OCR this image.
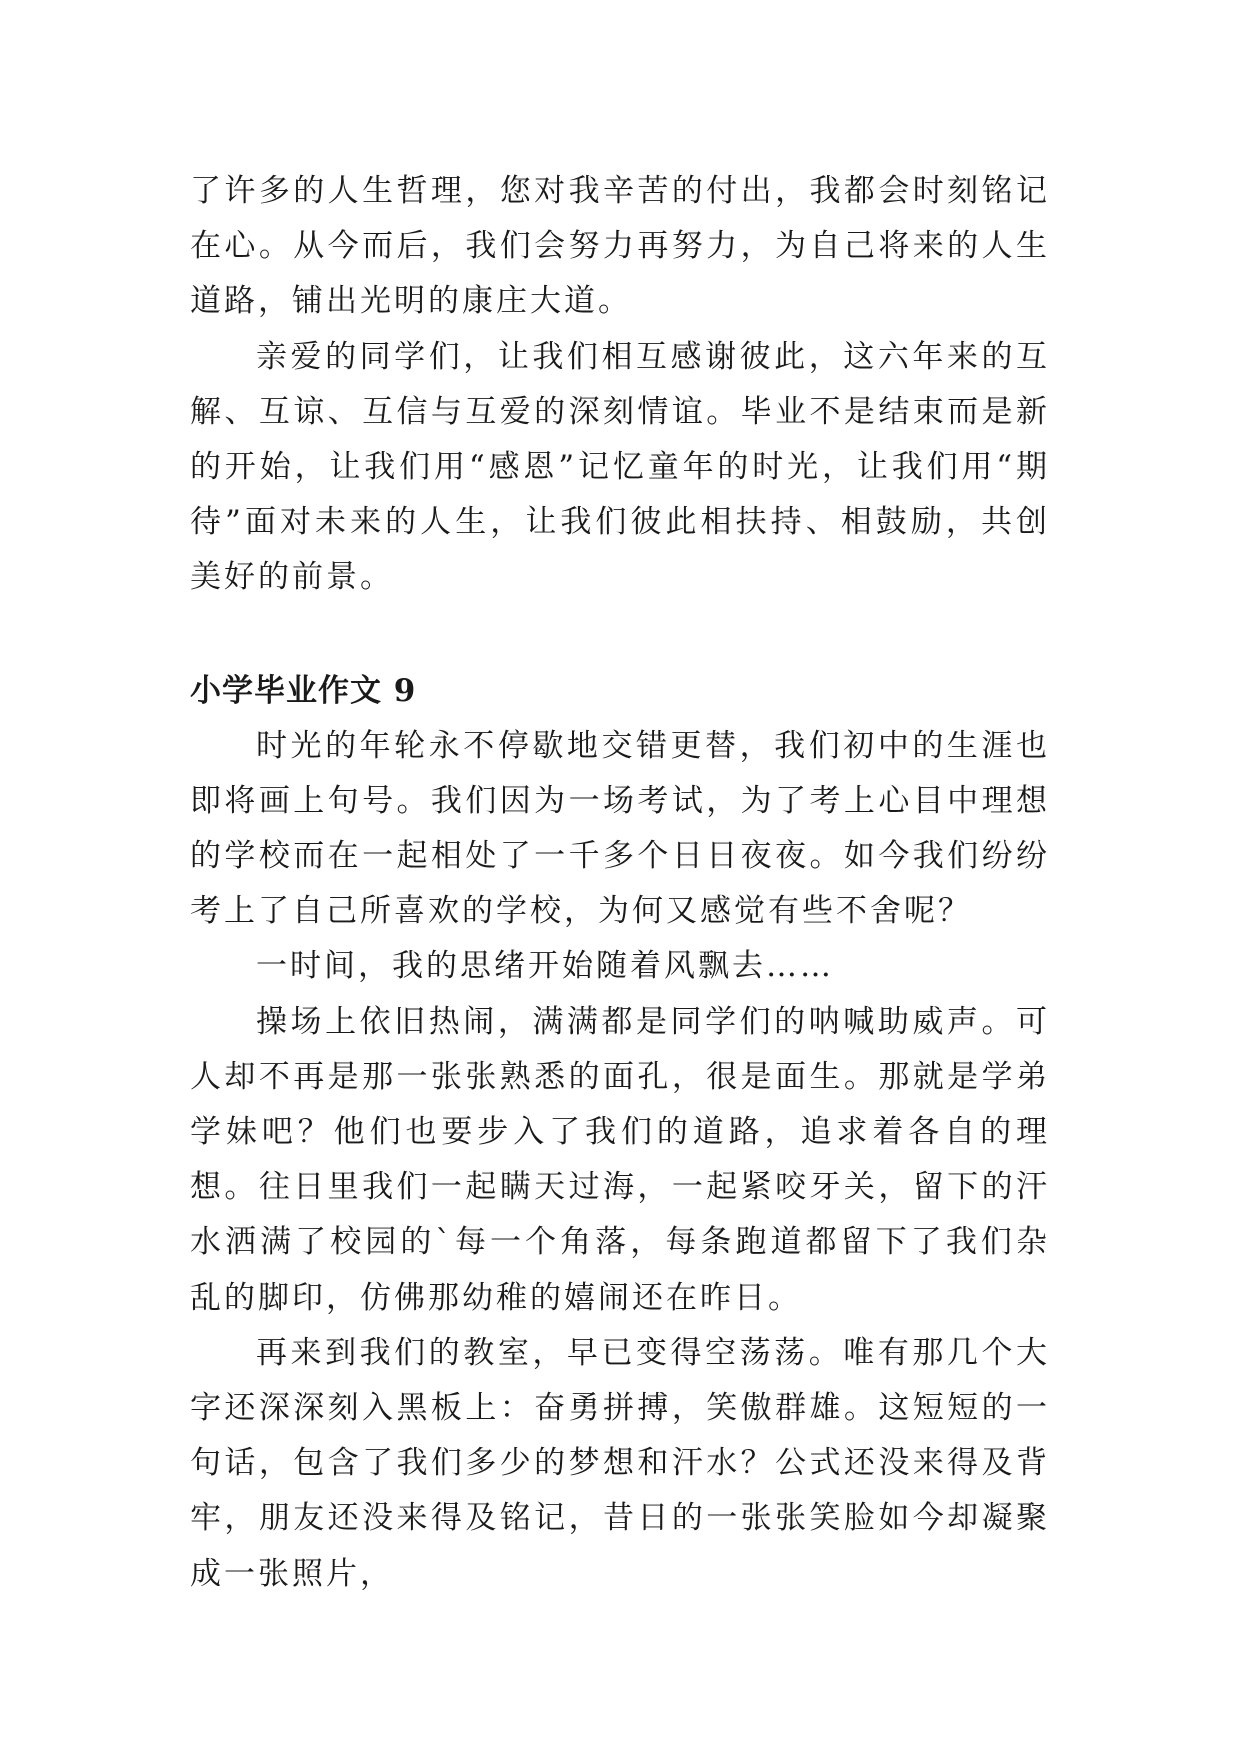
了许多的人生哲理，您对我辛苦的付出，我都会时刻铭记在心。从今而后，我们会努力再努力，为自己将来的人生道路，铺出光明的康庄大道。

亲爱的同学们，让我们相互感谢彼此，这六年来的互解、互谅、互信与互爱的深刻情谊。毕业不是结束而是新的开始，让我们用“感恩”记忆童年的时光，让我们用“期待”面对未来的人生，让我们彼此相扶持、相鼓励，共创美好的前景。

小学毕业作文 9

时光的年轮永不停歇地交错更替，我们初中的生涯也即将画上句号。我们因为一场考试，为了考上心目中理想的学校而在一起相处了一千多个日日夜夜。如今我们纷纷考上了自己所喜欢的学校，为何又感觉有些不舍呢？

一时间，我的思绪开始随着风飘去……

操场上依旧热闹，满满都是同学们的呐喊助威声。可人却不再是那一张张熟悉的面孔，很是面生。那就是学弟学妹吧？他们也要步入了我们的道路，追求着各自的理想。往日里我们一起瞒天过海，一起紧咬牙关，留下的汗水洒满了校园的`每一个角落，每条跑道都留下了我们杂乱的脚印，仿佛那幼稚的嬉闹还在昨日。

再来到我们的教室，早已变得空荡荡。唯有那几个大字还深深刻入黑板上：奋勇拼搏，笑傲群雄。这短短的一句话，包含了我们多少的梦想和汗水？公式还没来得及背牢，朋友还没来得及铭记，昔日的一张张笑脸如今却凝聚成一张照片，
